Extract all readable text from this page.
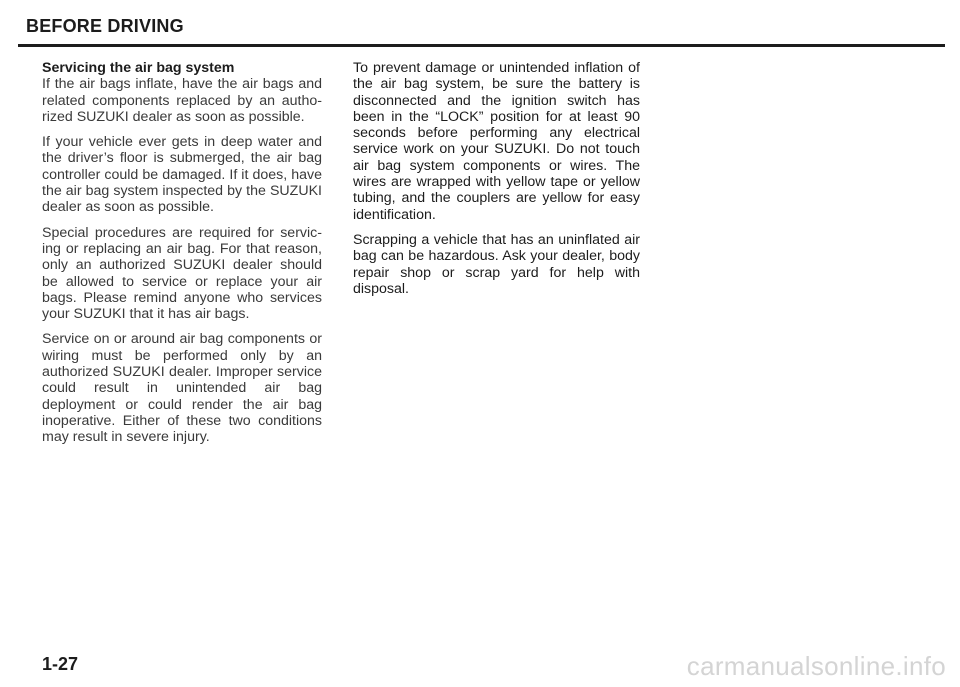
BEFORE DRIVING

Servicing the air bag system

If the air bags inflate, have the air bags and related components replaced by an authorized SUZUKI dealer as soon as possible.

If your vehicle ever gets in deep water and the driver’s floor is submerged, the air bag controller could be damaged. If it does, have the air bag system inspected by the SUZUKI dealer as soon as possible.

Special procedures are required for servicing or replacing an air bag. For that reason, only an authorized SUZUKI dealer should be allowed to service or replace your air bags. Please remind anyone who services your SUZUKI that it has air bags.

Service on or around air bag components or wiring must be performed only by an authorized SUZUKI dealer. Improper service could result in unintended air bag deployment or could render the air bag inoperative. Either of these two conditions may result in severe injury.

To prevent damage or unintended inflation of the air bag system, be sure the battery is disconnected and the ignition switch has been in the “LOCK” position for at least 90 seconds before performing any electrical service work on your SUZUKI. Do not touch air bag system components or wires. The wires are wrapped with yellow tape or yellow tubing, and the couplers are yellow for easy identification.

Scrapping a vehicle that has an uninflated air bag can be hazardous. Ask your dealer, body repair shop or scrap yard for help with disposal.

1-27	carmanualsonline.info
